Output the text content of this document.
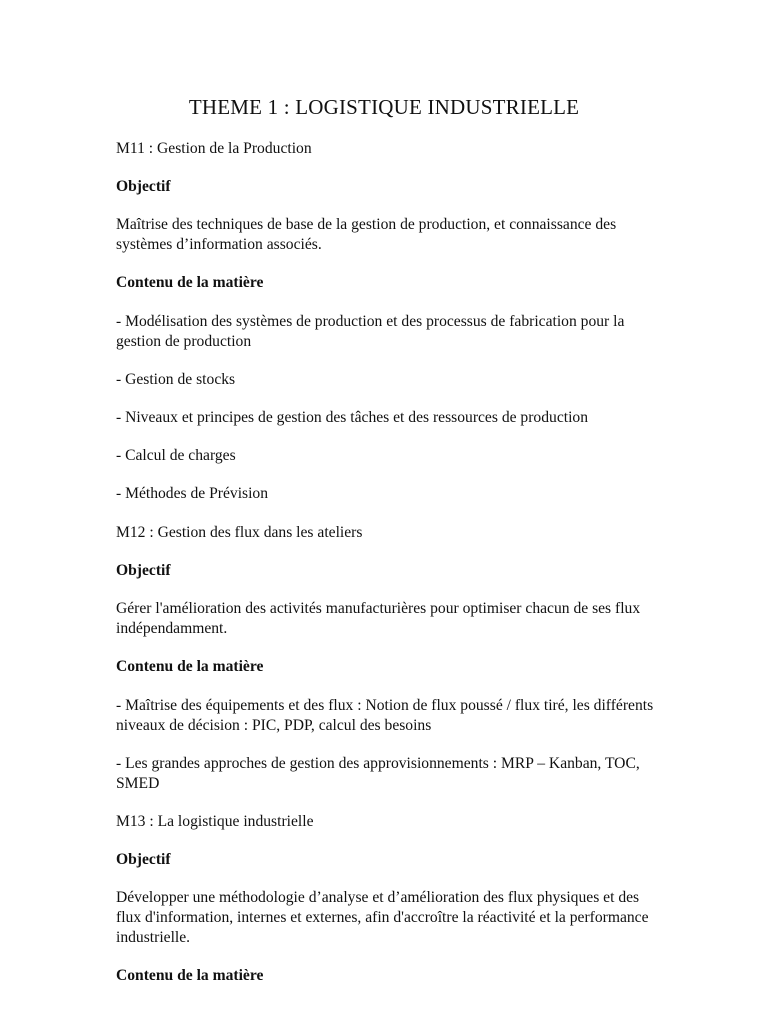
THEME 1 : LOGISTIQUE INDUSTRIELLE

M11 : Gestion de la Production

Objectif

Maîtrise des techniques de base de la gestion de production, et connaissance des systèmes d’information associés.

Contenu de la matière

- Modélisation des systèmes de production et des processus de fabrication pour la gestion de production

- Gestion de stocks

- Niveaux et principes de gestion des tâches et des ressources de production

- Calcul de charges

- Méthodes de Prévision

M12 : Gestion des flux dans les ateliers

Objectif

Gérer l'amélioration des activités manufacturières pour optimiser chacun de ses flux indépendamment.

Contenu de la matière

- Maîtrise des équipements et des flux : Notion de flux poussé / flux tiré, les différents niveaux de décision : PIC, PDP, calcul des besoins

- Les grandes approches de gestion des approvisionnements : MRP – Kanban, TOC, SMED

M13 : La logistique industrielle

Objectif

Développer une méthodologie d’analyse et d’amélioration des flux physiques et des flux d'information, internes et externes, afin d'accroître la réactivité et la performance industrielle.

Contenu de la matière
